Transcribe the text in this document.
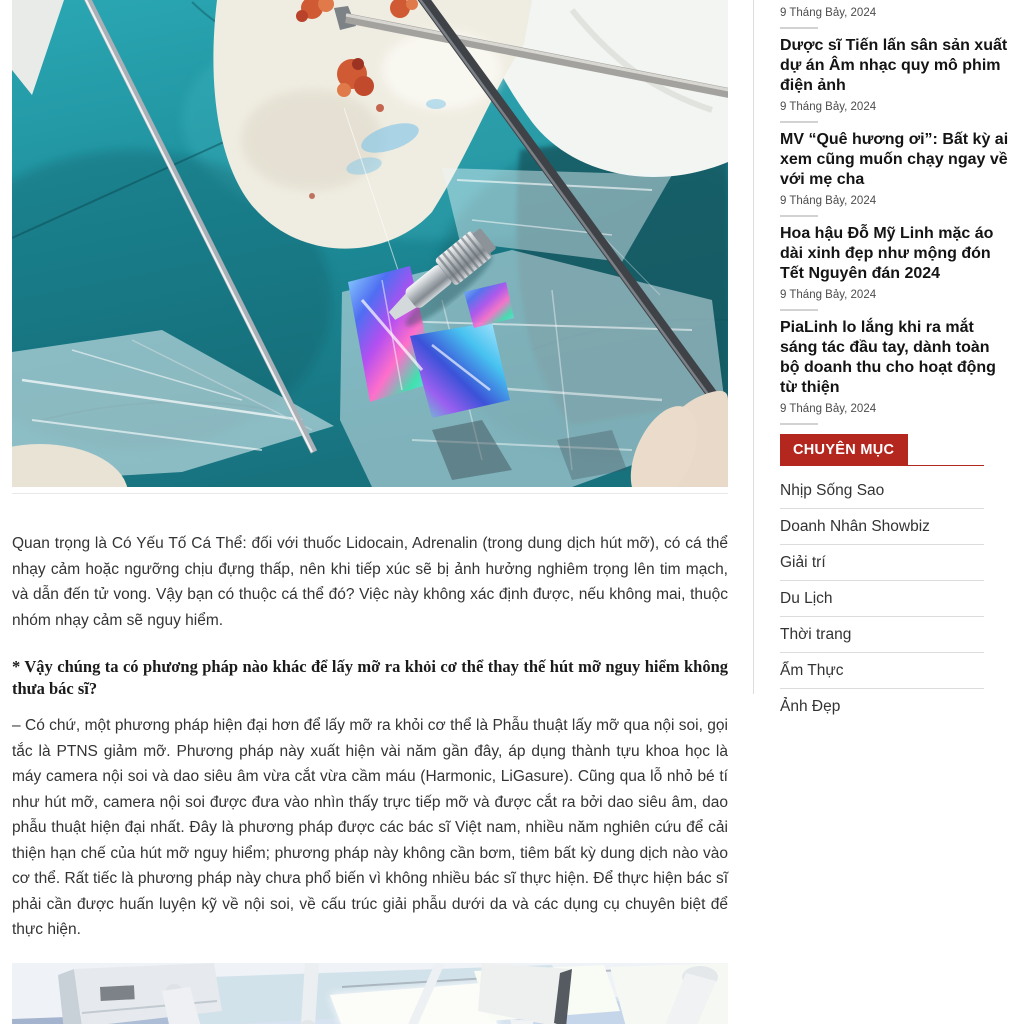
Quan trọng là Có Yếu Tố Cá Thể: đối với thuốc Lidocain, Adrenalin (trong dung dịch hút mỡ), có cá thể nhạy cảm hoặc ngưỡng chịu đựng thấp, nên khi tiếp xúc sẽ bị ảnh hưởng nghiêm trọng lên tim mạch, và dẫn đến tử vong. Vậy bạn có thuộc cá thể đó? Việc này không xác định được, nếu không mai, thuộc nhóm nhạy cảm sẽ nguy hiểm.

* Vậy chúng ta có phương pháp nào khác để lấy mỡ ra khỏi cơ thể thay thế hút mỡ nguy hiểm không thưa bác sĩ?

– Có chứ, một phương pháp hiện đại hơn để lấy mỡ ra khỏi cơ thể là Phẫu thuật lấy mỡ qua nội soi, gọi tắc là PTNS giảm mỡ. Phương pháp này xuất hiện vài năm gần đây, áp dụng thành tựu khoa học là máy camera nội soi và dao siêu âm vừa cắt vừa cầm máu (Harmonic, LiGasure). Cũng qua lỗ nhỏ bé tí như hút mỡ, camera nội soi được đưa vào nhìn thấy trực tiếp mỡ và được cắt ra bởi dao siêu âm, dao phẫu thuật hiện đại nhất. Đây là phương pháp được các bác sĩ Việt nam, nhiều năm nghiên cứu để cải thiện hạn chế của hút mỡ nguy hiểm; phương pháp này không cần bơm, tiêm bất kỳ dung dịch nào vào cơ thể. Rất tiếc là phương pháp này chưa phổ biến vì không nhiều bác sĩ thực hiện. Để thực hiện bác sĩ phải cần được huấn luyện kỹ về nội soi, về cấu trúc giải phẫu dưới da và các dụng cụ chuyên biệt để thực hiện.

9 Tháng Bảy, 2024
Dược sĩ Tiến lấn sân sản xuất dự án Âm nhạc quy mô phim điện ảnh
9 Tháng Bảy, 2024
MV “Quê hương ơi”: Bất kỳ ai xem cũng muốn chạy ngay về với mẹ cha
9 Tháng Bảy, 2024
Hoa hậu Đỗ Mỹ Linh mặc áo dài xinh đẹp như mộng đón Tết Nguyên đán 2024
9 Tháng Bảy, 2024
PiaLinh lo lắng khi ra mắt sáng tác đầu tay, dành toàn bộ doanh thu cho hoạt động từ thiện
9 Tháng Bảy, 2024
CHUYÊN MỤC
Nhịp Sống Sao
Doanh Nhân Showbiz
Giải trí
Du Lịch
Thời trang
Ẩm Thực
Ảnh Đẹp
